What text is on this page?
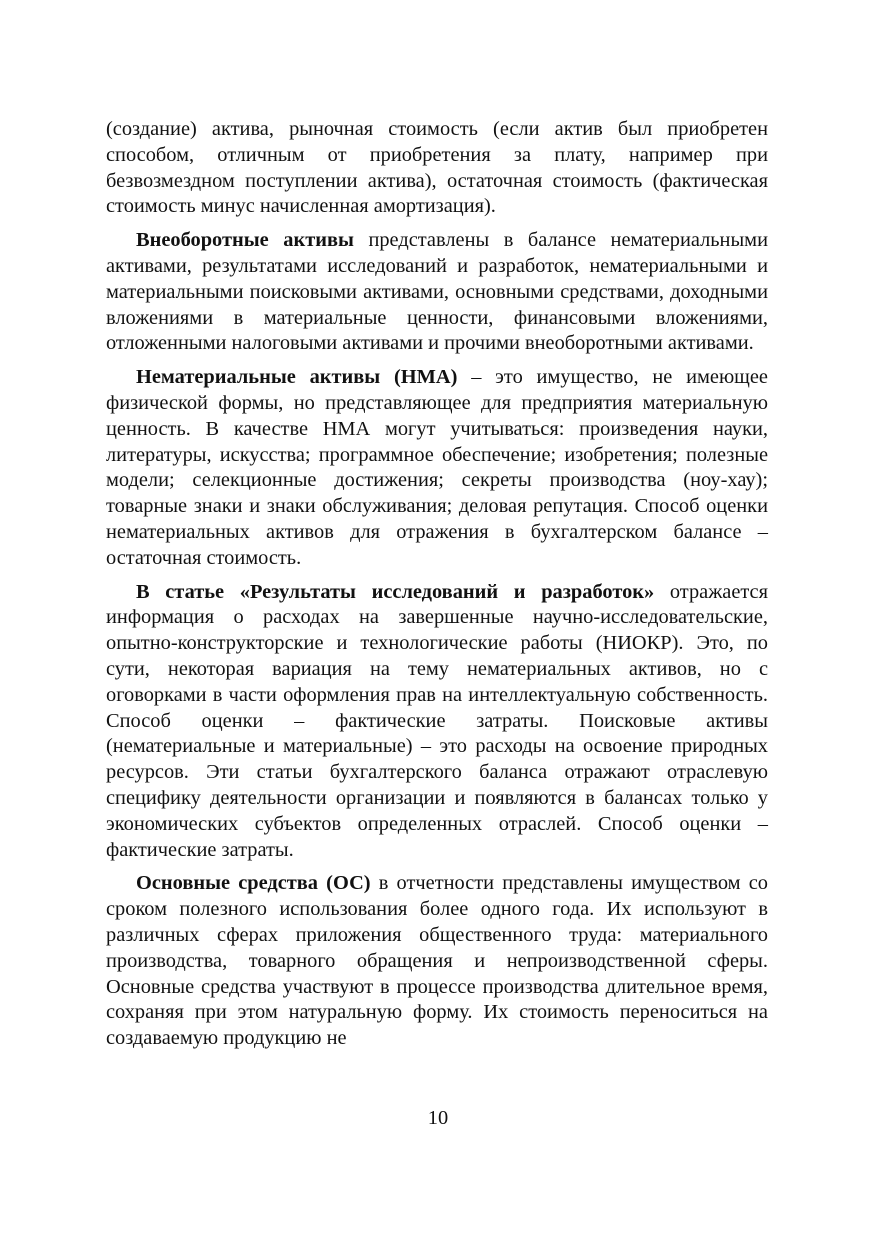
(создание) актива, рыночная стоимость (если актив был приобретен способом, отличным от приобретения за плату, например при безвозмездном поступлении актива), остаточная стоимость (фактическая стоимость минус начисленная амортизация).

Внеоборотные активы представлены в балансе нематериальными активами, результатами исследований и разработок, нематериальными и материальными поисковыми активами, основными средствами, доходными вложениями в материальные ценности, финансовыми вложениями, отложенными налоговыми активами и прочими внеоборотными активами.

Нематериальные активы (НМА) – это имущество, не имеющее физической формы, но представляющее для предприятия материальную ценность. В качестве НМА могут учитываться: произведения науки, литературы, искусства; программное обеспечение; изобретения; полезные модели; селекционные достижения; секреты производства (ноу-хау); товарные знаки и знаки обслуживания; деловая репутация. Способ оценки нематериальных активов для отражения в бухгалтерском балансе – остаточная стоимость.

В статье «Результаты исследований и разработок» отражается информация о расходах на завершенные научно-исследовательские, опытно-конструкторские и технологические работы (НИОКР). Это, по сути, некоторая вариация на тему нематериальных активов, но с оговорками в части оформления прав на интеллектуальную собственность. Способ оценки – фактические затраты. Поисковые активы (нематериальные и материальные) – это расходы на освоение природных ресурсов. Эти статьи бухгалтерского баланса отражают отраслевую специфику деятельности организации и появляются в балансах только у экономических субъектов определенных отраслей. Способ оценки – фактические затраты.

Основные средства (ОС) в отчетности представлены имуществом со сроком полезного использования более одного года. Их используют в различных сферах приложения общественного труда: материального производства, товарного обращения и непроизводственной сферы. Основные средства участвуют в процессе производства длительное время, сохраняя при этом натуральную форму. Их стоимость переноситься на создаваемую продукцию не

10
